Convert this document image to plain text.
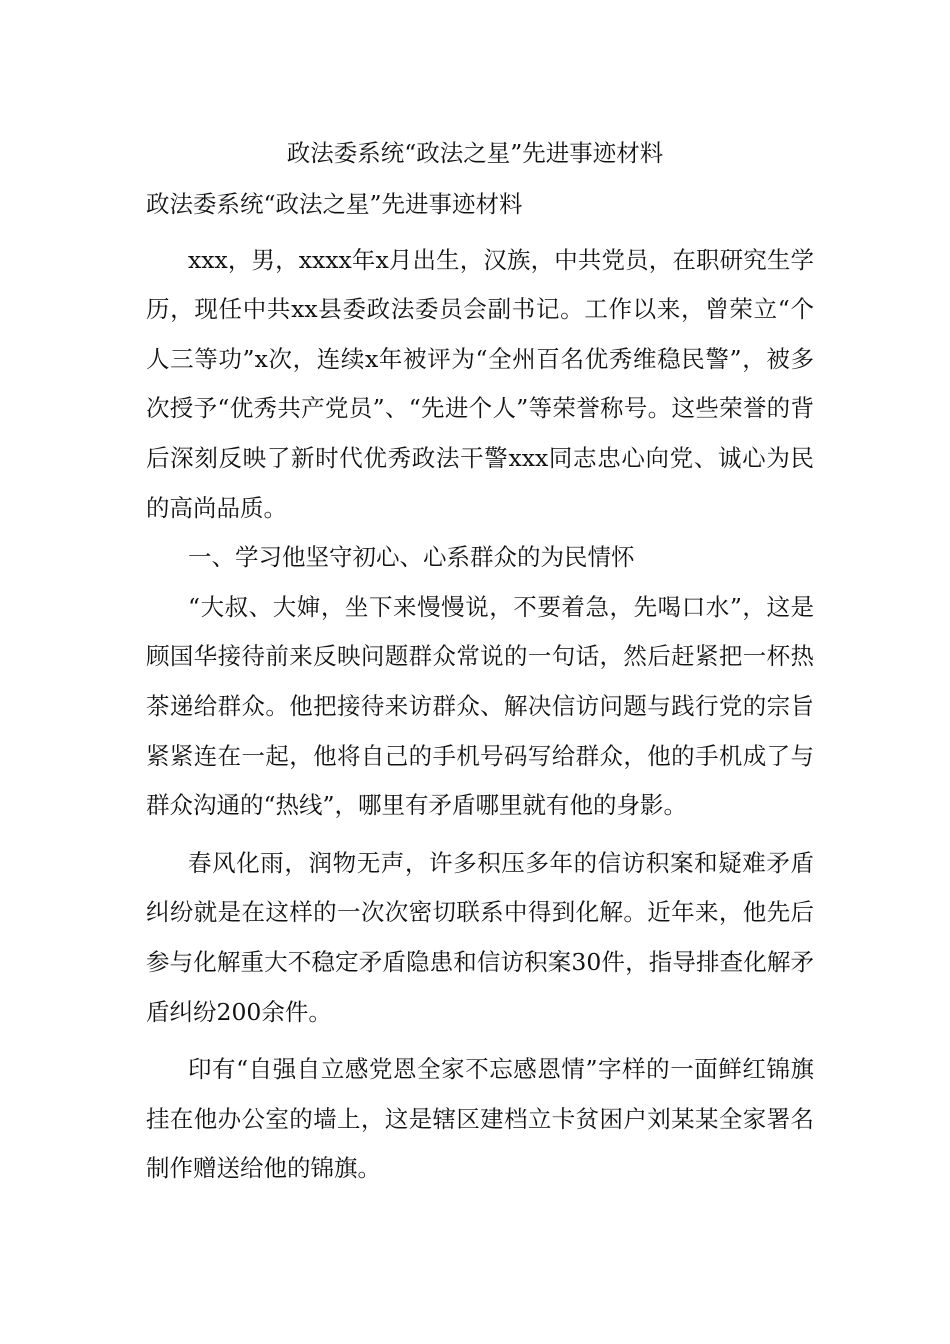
政法委系统“政法之星”先进事迹材料

政法委系统“政法之星”先进事迹材料

xxx，男，xxxx年x月出生，汉族，中共党员，在职研究生学历，现任中共xx县委政法委员会副书记。工作以来，曾荣立“个人三等功”x次，连续x年被评为“全州百名优秀维稳民警”，被多次授予“优秀共产党员”、“先进个人”等荣誉称号。这些荣誉的背后深刻反映了新时代优秀政法干警xxx同志忠心向党、诚心为民的高尚品质。

一、学习他坚守初心、心系群众的为民情怀

“大叔、大婶，坐下来慢慢说，不要着急，先喝口水”，这是顾国华接待前来反映问题群众常说的一句话，然后赶紧把一杯热茶递给群众。他把接待来访群众、解决信访问题与践行党的宗旨紧紧连在一起，他将自己的手机号码写给群众，他的手机成了与群众沟通的“热线”，哪里有矛盾哪里就有他的身影。

春风化雨，润物无声，许多积压多年的信访积案和疑难矛盾纠纷就是在这样的一次次密切联系中得到化解。近年来，他先后参与化解重大不稳定矛盾隐患和信访积案30件，指导排查化解矛盾纠纷200余件。

印有“自强自立感党恩全家不忘感恩情”字样的一面鲜红锦旗挂在他办公室的墙上，这是辖区建档立卡贫困户刘某某全家署名制作赠送给他的锦旗。
